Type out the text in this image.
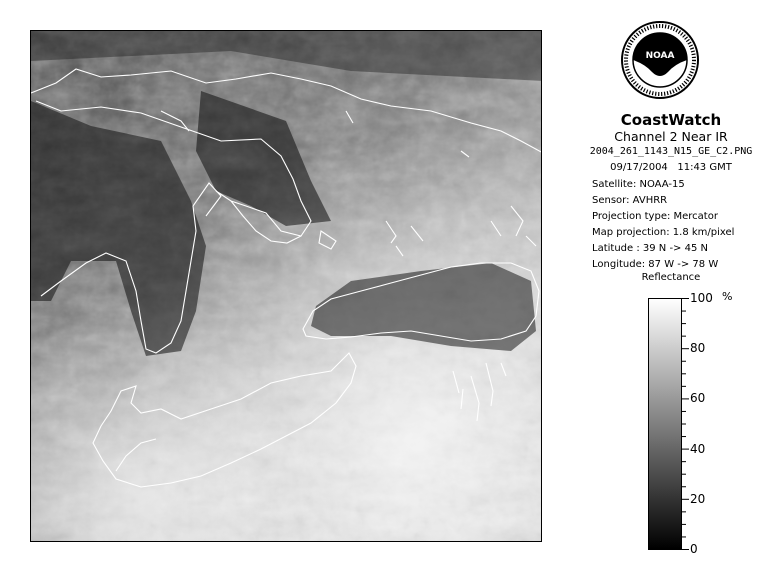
NOAA
CoastWatch
Channel 2 Near IR
2004_261_1143_N15_GE_C2.PNG
09/17/2004 11:43 GMT
Satellite: NOAA-15
Sensor: AVHRR
Projection type: Mercator
Map projection: 1.8 km/pixel
Latitude : 39 N -> 45 N
Longitude: 87 W -> 78 W
Reflectance
100
80
60
40
20
0
%
